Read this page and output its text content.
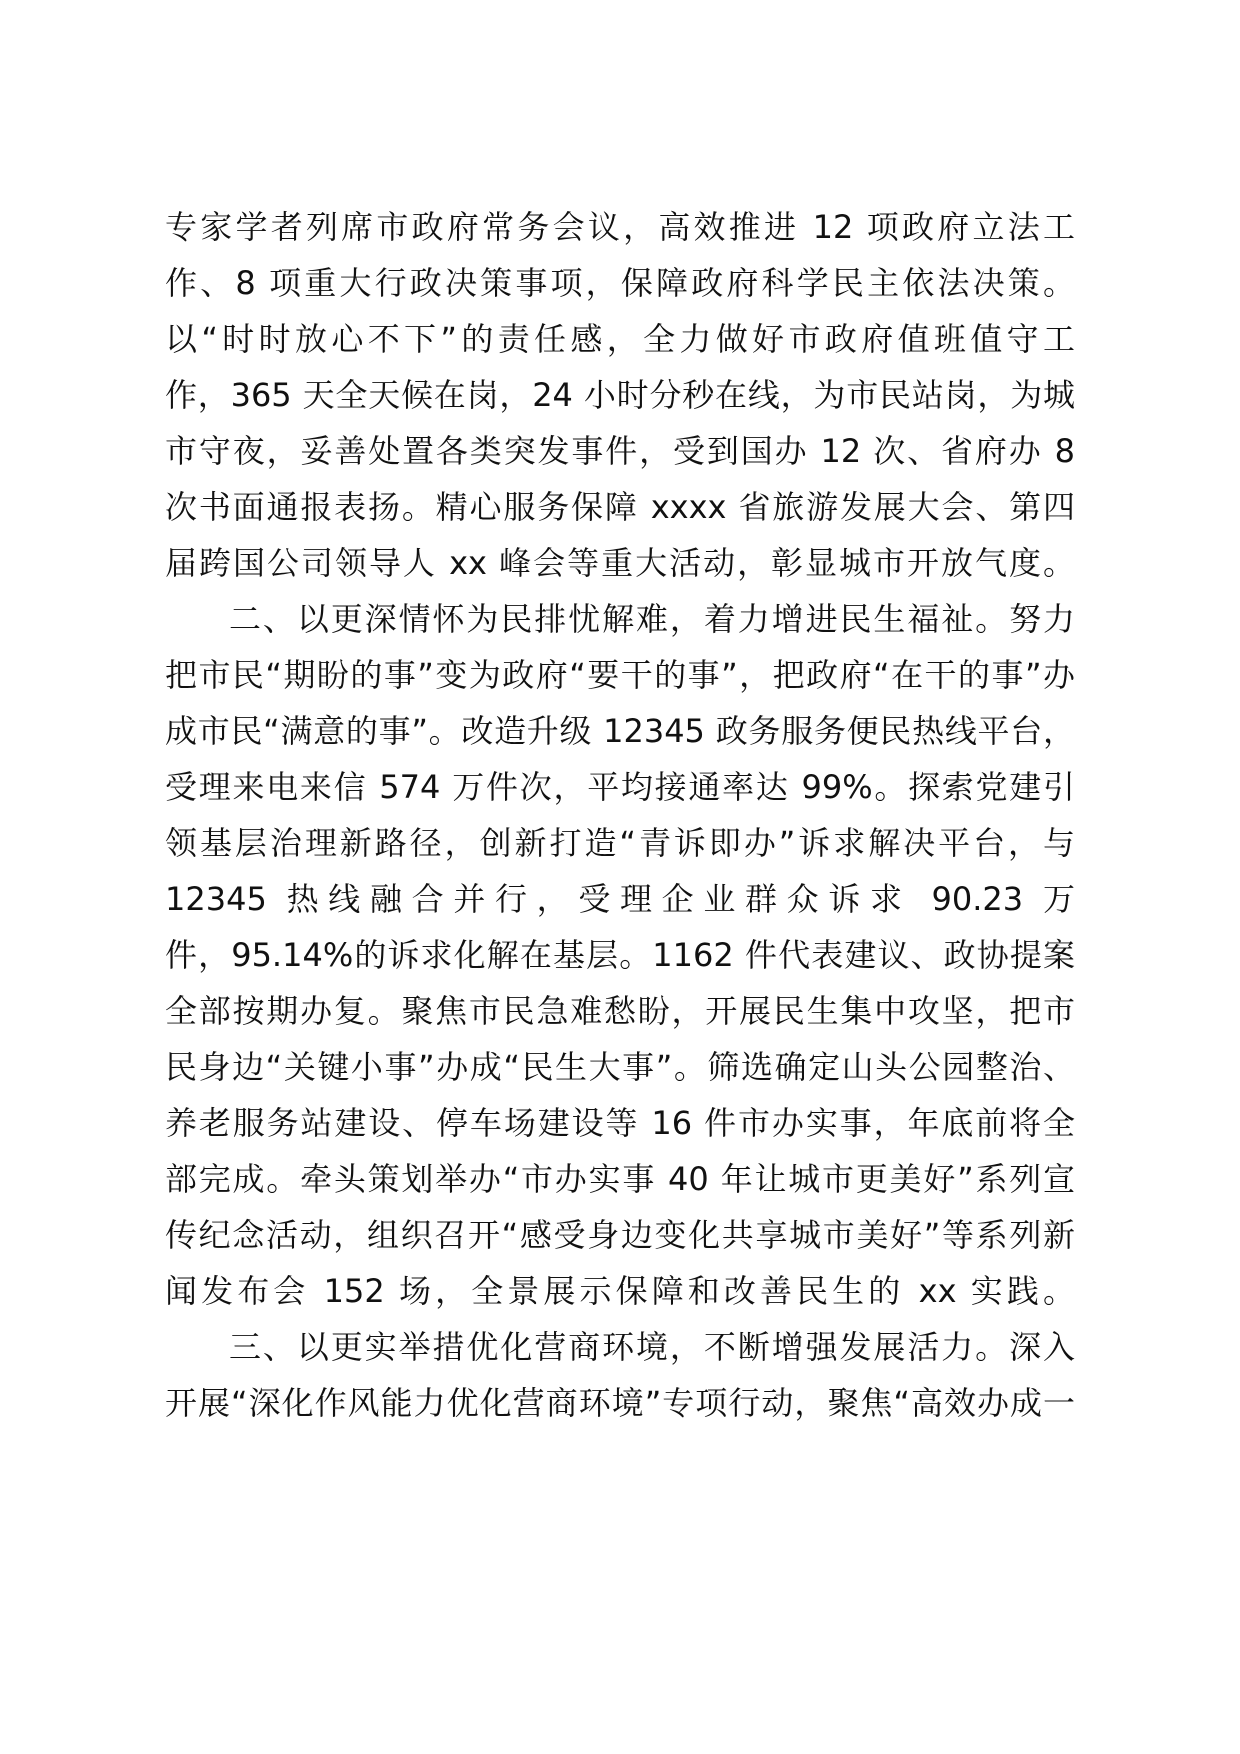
专家学者列席市政府常务会议，高效推进 12 项政府立法工
作、8 项重大行政决策事项，保障政府科学民主依法决策。
以“时时放心不下”的责任感，全力做好市政府值班值守工
作，365 天全天候在岗，24 小时分秒在线，为市民站岗，为城
市守夜，妥善处置各类突发事件，受到国办 12 次、省府办 8
次书面通报表扬。精心服务保障 xxxx 省旅游发展大会、第四
届跨国公司领导人 xx 峰会等重大活动，彰显城市开放气度。
二、以更深情怀为民排忧解难，着力增进民生福祉。努力
把市民“期盼的事”变为政府“要干的事”，把政府“在干的事”办
成市民“满意的事”。改造升级 12345 政务服务便民热线平台，
受理来电来信 574 万件次，平均接通率达 99%。探索党建引
领基层治理新路径，创新打造“青诉即办”诉求解决平台，与
12345 热线融合并行，受理企业群众诉求 90.23 万
件，95.14%的诉求化解在基层。1162 件代表建议、政协提案
全部按期办复。聚焦市民急难愁盼，开展民生集中攻坚，把市
民身边“关键小事”办成“民生大事”。筛选确定山头公园整治、
养老服务站建设、停车场建设等 16 件市办实事，年底前将全
部完成。牵头策划举办“市办实事 40 年让城市更美好”系列宣
传纪念活动，组织召开“感受身边变化共享城市美好”等系列新
闻发布会 152 场，全景展示保障和改善民生的 xx 实践。
三、以更实举措优化营商环境，不断增强发展活力。深入
开展“深化作风能力优化营商环境”专项行动，聚焦“高效办成一
